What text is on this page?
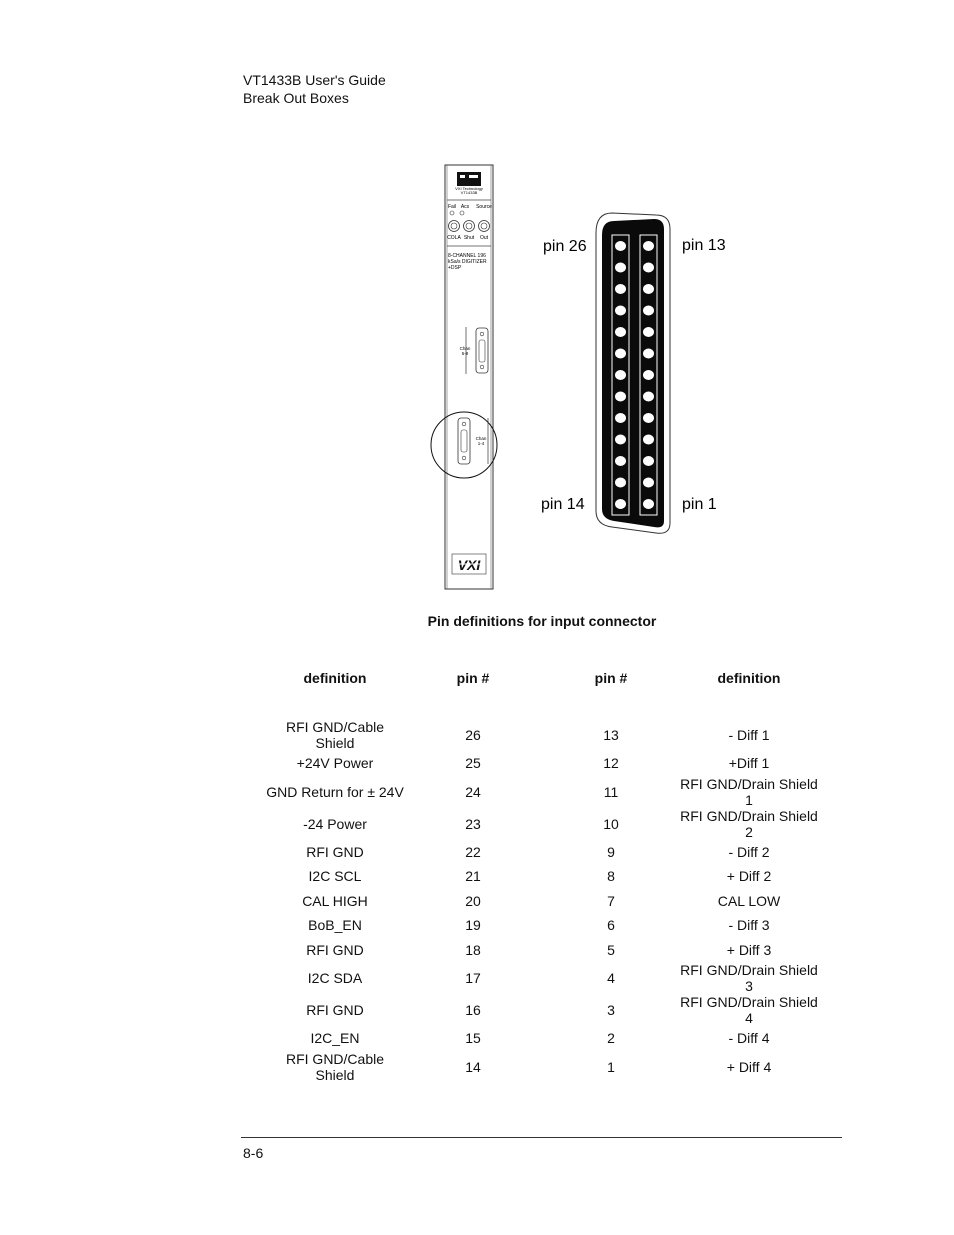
VT1433B User's Guide
Break Out Boxes
VXI Technology
VT1433B
Fail Acs Source
COLA Shut Out
8-CHANNEL 196
kSa/s DIGITIZER
+DSP
Chan
5-8
Chan
1-4
VXI
pin 26	pin 13
pin 14	pin 1
Pin definitions for input connector
definition	pin #	pin #	definition

RFI GND/Cable Shield	26	13	- Diff 1
+24V Power	25	12	+Diff 1
GND Return for ± 24V	24	11	RFI GND/Drain Shield 1
-24 Power	23	10	RFI GND/Drain Shield 2
RFI GND	22	9	- Diff 2
I2C SCL	21	8	+ Diff 2
CAL HIGH	20	7	CAL LOW
BoB_EN	19	6	- Diff 3
RFI GND	18	5	+ Diff 3
I2C SDA	17	4	RFI GND/Drain Shield 3
RFI GND	16	3	RFI GND/Drain Shield 4
I2C_EN	15	2	- Diff 4
RFI GND/Cable Shield	14	1	+ Diff 4
8-6
